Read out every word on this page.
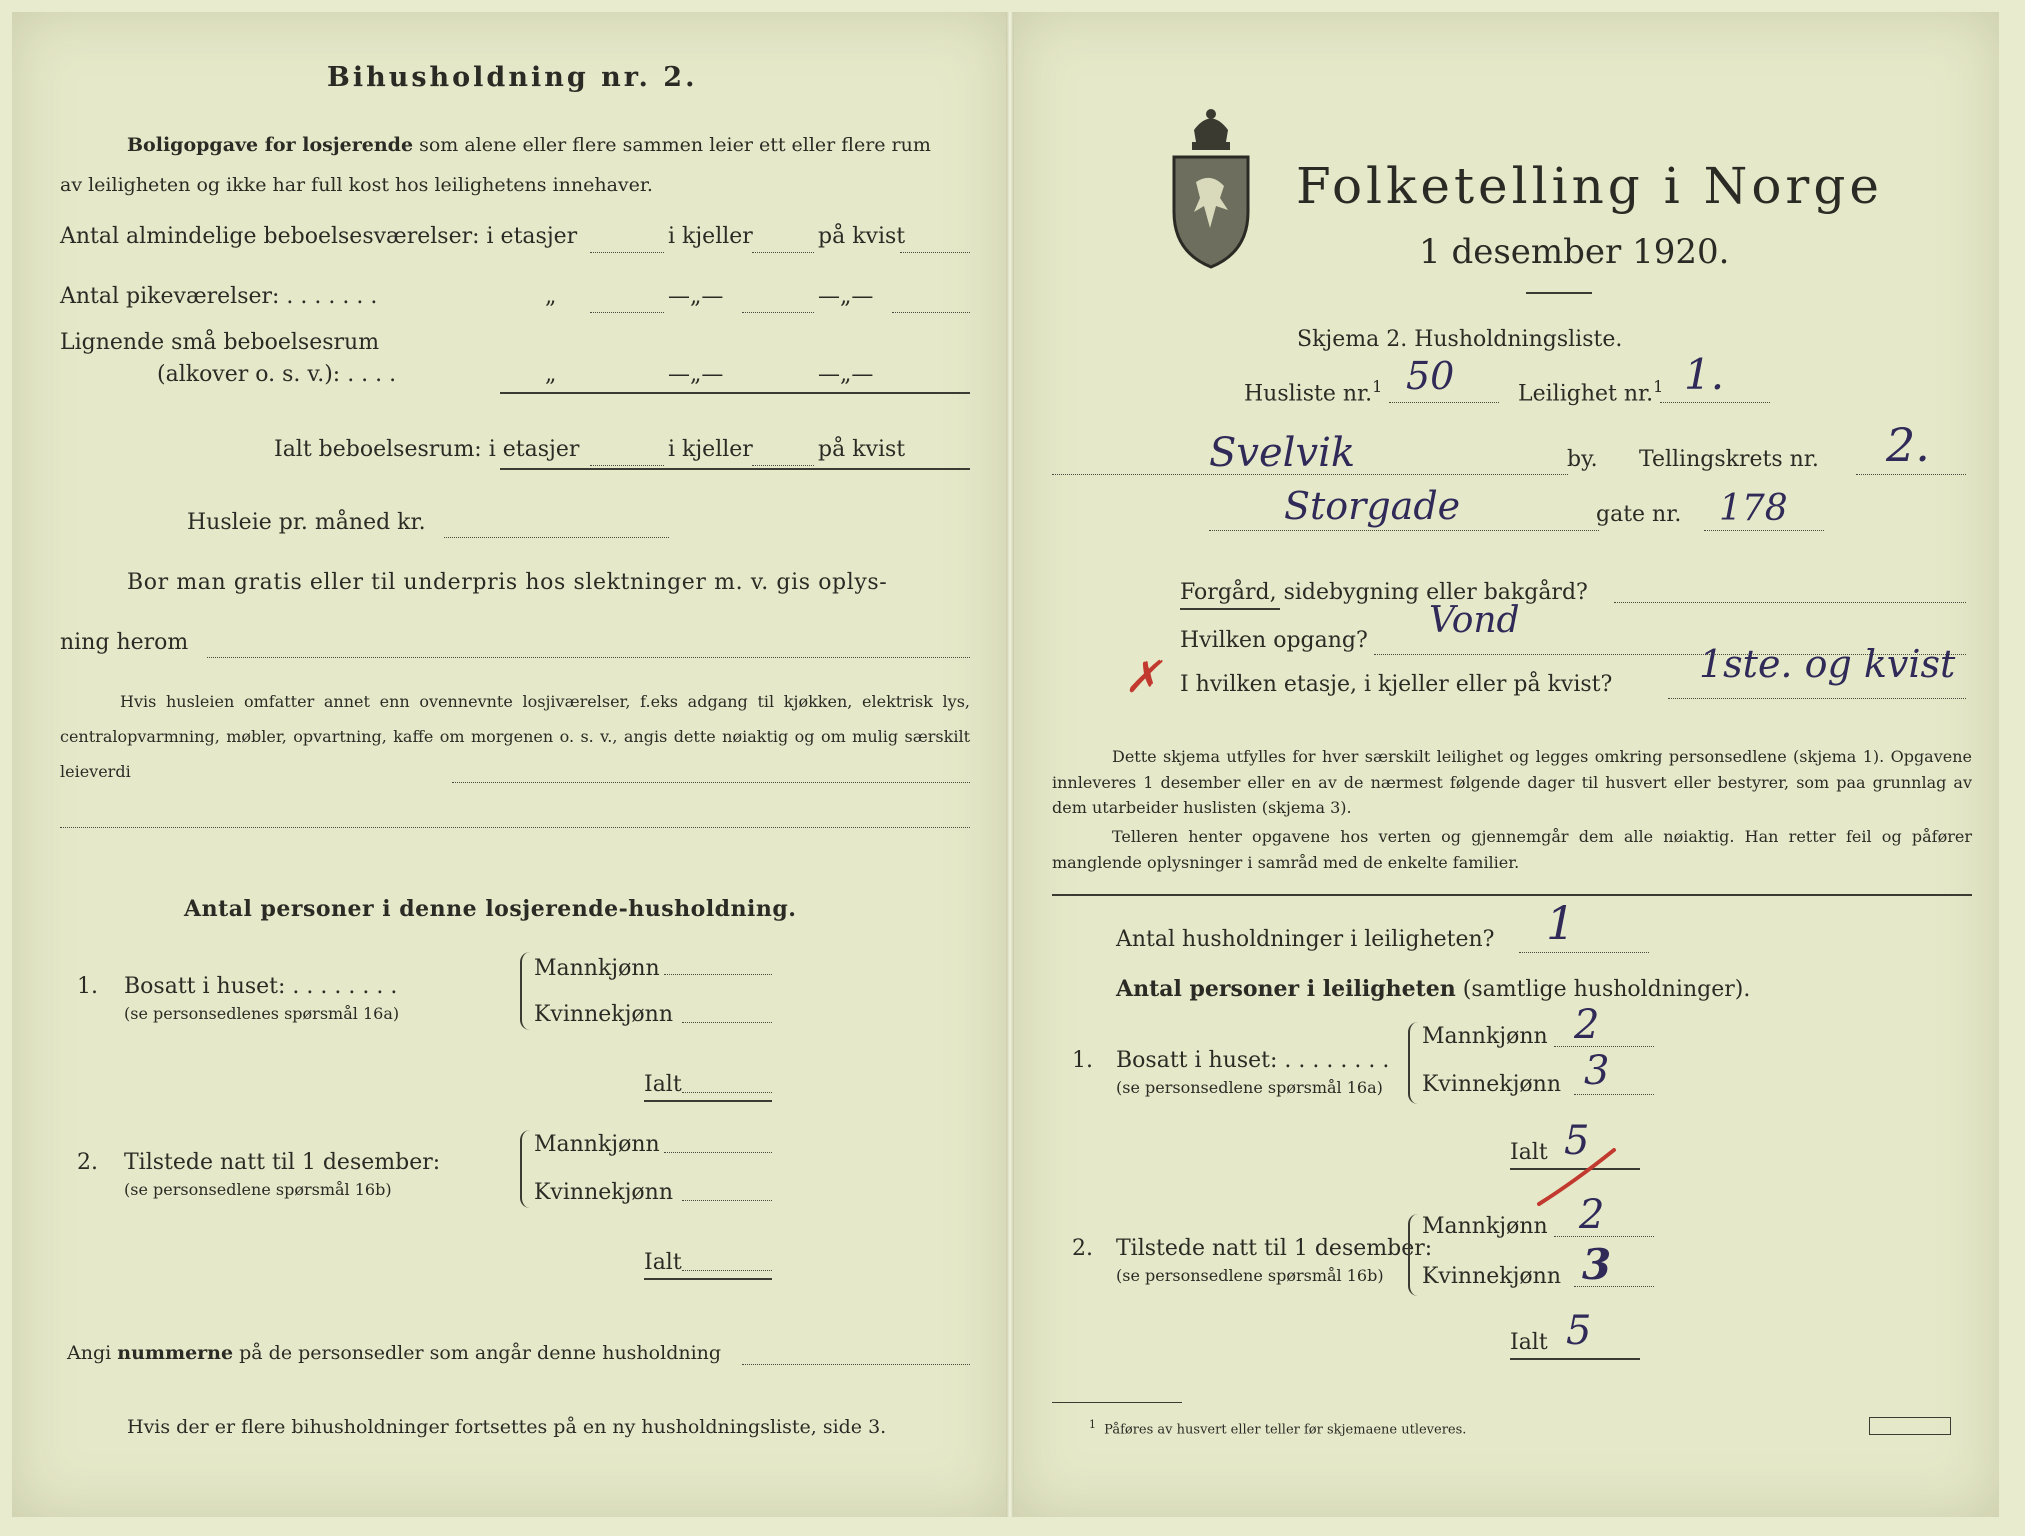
Bihusholdning nr. 2.
Boligopgave for losjerende som alene eller flere sammen leier ett eller flere rum
av leiligheten og ikke har full kost hos leilighetens innehaver.
Antal almindelige beboelsesværelser: i etasjer	i kjeller	på kvist
Antal pikeværelser: . . . . . . .	„	—„—	—„—
Lignende små beboelsesrum
(alkover o. s. v.): . . . .	„	—„—	—„—
Ialt beboelsesrum: i etasjer	i kjeller	på kvist
Husleie pr. måned kr.
Bor man gratis eller til underpris hos slektninger m. v. gis oplys-
ning herom

Hvis husleien omfatter annet enn ovennevnte losjiværelser, f.eks adgang til kjøkken, elektrisk lys, centralopvarmning, møbler, opvartning, kaffe om morgenen o. s. v., angis dette nøiaktig og om mulig særskilt leieverdi

Antal personer i denne losjerende-husholdning.
1. Bosatt i huset: . . . . . . . .
(se personsedlenes spørsmål 16a)
Mannkjønn
Kvinnekjønn
Ialt
2. Tilstede natt til 1 desember:
(se personsedlene spørsmål 16b)
Mannkjønn
Kvinnekjønn
Ialt
Angi nummerne på de personsedler som angår denne husholdning
Hvis der er flere bihusholdninger fortsettes på en ny husholdningsliste, side 3.
Folketelling i Norge
1 desember 1920.
Skjema 2. Husholdningsliste.
Husliste nr.$^1$ 50	Leilighet nr.$^1$ 1.
Svelvik	by. Tellingskrets nr. 2.
Storgade	gate nr. 178
Forgård, sidebygning eller bakgård?
Hvilken opgang? Vond
✗ I hvilken etasje, i kjeller eller på kvist? 1ste. og kvist

Dette skjema utfylles for hver særskilt leilighet og legges omkring personsedlene (skjema 1). Opgavene innleveres 1 desember eller en av de nærmest følgende dager til husvert eller bestyrer, som paa grunnlag av dem utarbeider huslisten (skjema 3).

Telleren henter opgavene hos verten og gjennemgår dem alle nøiaktig. Han retter feil og påfører manglende oplysninger i samråd med de enkelte familier.

Antal husholdninger i leiligheten? 1
Antal personer i leiligheten (samtlige husholdninger).
1. Bosatt i huset: . . . . . . . .
(se personsedlene spørsmål 16a)
Mannkjønn 2
Kvinnekjønn 3
Ialt 5
2. Tilstede natt til 1 desember:
(se personsedlene spørsmål 16b)
Mannkjønn 2
Kvinnekjønn 3
Ialt 5
$^1$ Påføres av husvert eller teller før skjemaene utleveres.
